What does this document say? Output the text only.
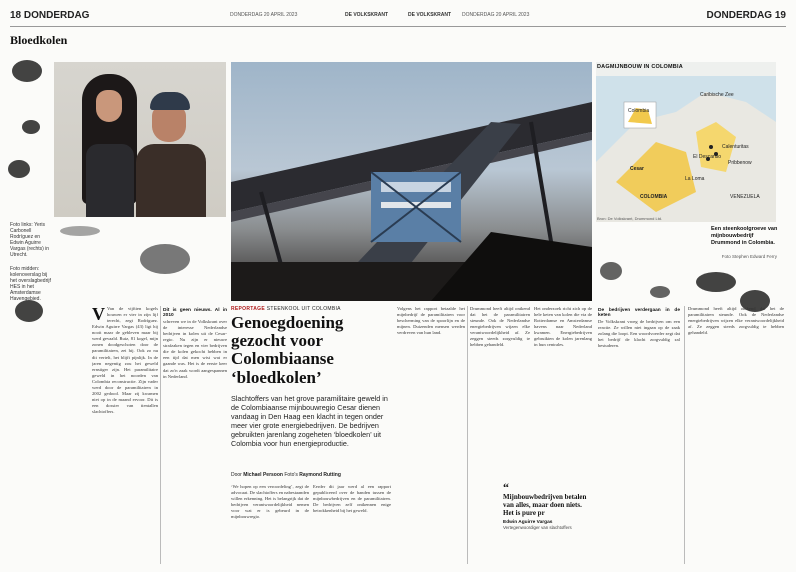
18 DONDERDAG	DONDERDAG 20 APRIL 2023	DE VOLKSKRANT	DE VOLKSKRANT DONDERDAG 20 APRIL 2023	DONDERDAG 19
Bloedkolen
Foto links: Yeris Carbonell Rodríguez en Edwin Aguirre Vargas (rechts) in Utrecht.
Foto midden: kolenoverslag bij het overslagbedrijf HES in het Amsterdamse Havengebied.
DAGMIJNBOUW IN COLOMBIA
Caribische Zee
Cesar
Colombia
VENEZUELA
COLOMBIA
La Loma
Calenturitas
El Descanso
Pribbenow
Bron: De Volkskrant, Drummond Ltd.
Een steenkoolgroeve van mijnbouwbedrijf Drummond in Colombia.
Foto Stephen Edward Ferry
REPORTAGE STEENKOOL UIT COLOMBIA
Genoegdoening gezocht voor Colombiaanse ‘bloedkolen’
Slachtoffers van het grove paramilitaire geweld in de Colombiaanse mijnbouwregio Cesar dienen vandaag in Den Haag een klacht in tegen onder meer vier grote energiebedrijven. De bedrijven gebruikten jarenlang zogeheten ‘bloedkolen’ uit Colombia voor hun energieproductie.
Door Michael Persoon Foto's Raymond Rutting
V Van de vijftien kogels houwen er vier in zijn lijf terecht, zegt Rodríguez. Edwin Aguirre Vargas (43) ligt hij nooit maar de gebleven maar bij werd gevaald. Ruiz, 81 kogel, mijn zonen doodgeschoten door de paramilitairen, zei hij. Ook zo nu dit vertelt, het blijft pijnlijk. In de jaren negentig zou het geweld ernstiger zijn. Het paramilitaire geweld in het noorden van Colombia reconstructie. Zijn vader werd door de paramilitairen in 2002 gedood. Maar zij kwamen niet op in de maand ervoor. Dit is een dossier van tientallen slachtoffers.
Dit is geen nieuws. Al in 2010
schreven we in de Volkskrant over de interesse Nederlandse bedrijven in kolen uit de Cesar-regio. Nu zijn er nieuwe strafzaken tegen en vier bedrijven die de kolen gekocht hebben in een tijd dat men wist wat er gaande was. Het is de eerste keer dat zo'n zaak wordt aangespannen in Nederland.
‘We hopen op een veroordeling’, zegt de advocaat. De slachtoffers en nabestaanden willen erkenning. Het is belangrijk dat de bedrijven verantwoordelijkheid nemen voor wat er is gebeurd in de mijnbouwregio.
Eerder dit jaar werd al een rapport gepubliceerd over de banden tussen de mijnbouwbedrijven en de paramilitairen. De bedrijven zelf ontkennen enige betrokkenheid bij het geweld.
Volgens het rapport betaalde het mijnbedrijf de paramilitairen voor bescherming van de spoorlijn en de mijnen. Duizenden mensen werden verdreven van hun land.
Drummond heeft altijd ontkend dat het de paramilitairen steunde. Ook de Nederlandse energiebedrijven wijzen elke verantwoordelijkheid af. Ze zeggen steeds zorgvuldig te hebben gehandeld.
Het onderzoek richt zich op de hele keten van kolen die via de Rotterdamse en Amsterdamse havens naar Nederland kwamen. Energiebedrijven gebruikten de kolen jarenlang in hun centrales.
De bedrijven verdergaan in de keten
De Volkskrant vroeg de bedrijven om een reactie. Ze willen niet ingaan op de zaak zolang die loopt. Een woordvoerder zegt dat het bedrijf de klacht zorgvuldig zal bestuderen.
Drummond heeft altijd ontkend dat het de paramilitairen steunde. Ook de Nederlandse energiebedrijven wijzen elke verantwoordelijkheid af. Ze zeggen steeds zorgvuldig te hebben gehandeld.
“
Mijnbouwbedrijven betalen van alles, maar doen niets. Het is pure pr
Edwin Aguirre Vargas
Vertegenwoordiger van slachtoffers
